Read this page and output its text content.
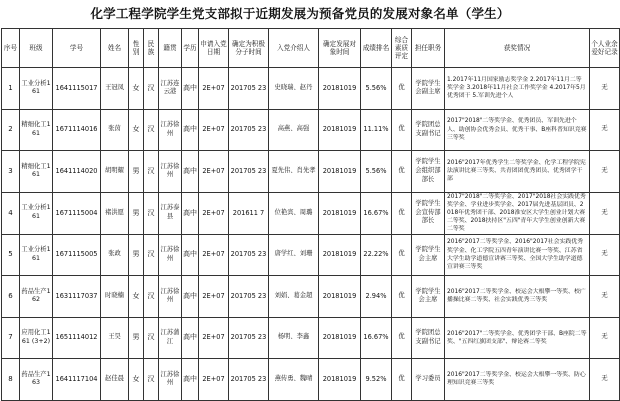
化学工程学院学生党支部拟于近期发展为预备党员的发展对象名单（学生）
序号	班级	学号	姓名	性别	民族	籍贯	学历	申请入党日期	确定为积极分子时间	入党介绍人	确定发展对象时间	成绩排名	综合素质评定	担任职务	获奖情况	个人业余爱好记录
1	工业分析161	1641115017	王冠凤	女	汉	江苏连云港	高中	2E+07	201705 23	史晓瑞、赵丹	20181019	5.56%	优	学院学生会副主席	1.2017年11月国家励志奖学金 2.2017年11月二等奖学金 3.2018年11月社会工作奖学金 4.2017年5月优秀团干 5.军训先进个人	无
2	精细化工161	1671114016	张茵	女	汉	江苏徐州	高中	2E+07	201705 23	高燕、高强	20181019	11.11%	优	学院团总支副书记	2017"2018"二等奖学金、优秀团员、军训先进个人、助创协会优秀会员、优秀干事、B座科普知识竞赛三等奖	无
3	精细化工161	1641114020	胡明耀	男	汉	江苏徐州	高中	2E+07	201705 23	夏先伟、肖先孝	20181019	5.56%	优	学院学生会组织部部长	2016"2017年优秀学生二等奖学金、化学工程学院宪法演讲比赛三等奖、共青团团优秀团员、优秀团学干部	无
4	工业分析161	1671115004	褚洪愿	男	汉	江苏泰县	高中	2E+07	201611 7	位艳宾、周璐	20181019	16.67%	优	学院学生会宣传部部长	2017"2018"二等奖学金、2017"2018社会实践优秀奖学金、学业进步奖学金、2017届先进基层团员、2018年优秀团干部、2018淮安区大学生创业计划大赛二等奖、2018扶持区"五四"青年大学生创业创新大赛二等奖	无
5	工业分析161	1671115005	张政	男	汉	江苏徐州	高中	2E+07	201705 23	唐学红、刘珊	20181019	22.22%	优	学院学生会主席	2016"2017二等奖学金、2016"2017社会实践优秀奖学金、化工学院五四青年演讲比赛一等奖、江苏省大学生助学道德宣讲赛三等奖、全国大学生助学道德宣讲赛三等奖	无
6	药品生产162	1631117037	时晓楠	女	汉	江苏徐州	高中	2E+07	201705 23	刘娟、葛金超	20181019	2.94%	优	学院学生会主席	2016"2017二等奖学金、校运会大根攀一等奖、校广播操比赛二等奖、社会实践优秀三等奖	无
7	应用化工161 (3+2)	1651114012	王昊	男	汉	江苏蒲江	高中	2E+07	201705 23	杨明、李鑫	20181019	16.67%	优	学院团总支副书记	2016"2017"二等奖学金、优秀团学干部、B座院二等奖、"五四红旗团支部"、辩论赛二等奖	无
8	药品生产163	1641117104	赵佳晨	女	汉	江苏徐州	高中	2E+07	201705 23	燕传勇、魏晴	20181019	9.52%	优	学习委员	2016"2017二等奖学金、校运会大根攀一等奖、防心理知识竞赛三等奖	无
